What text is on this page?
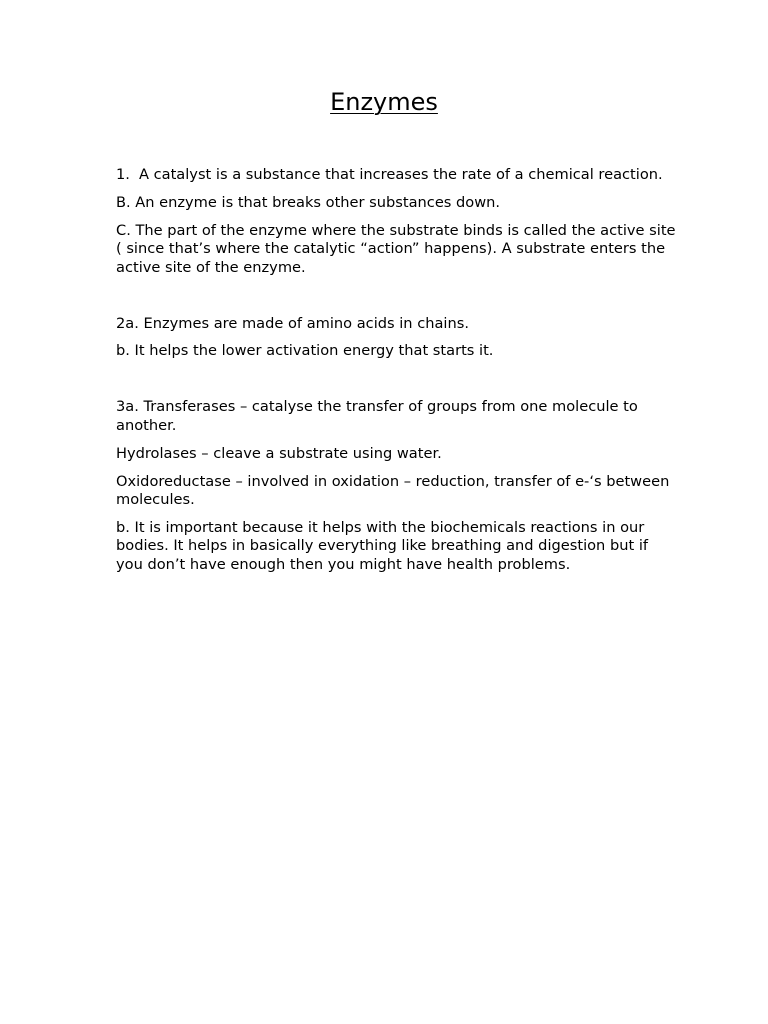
Enzymes
1. A catalyst is a substance that increases the rate of a chemical reaction.
B. An enzyme is that breaks other substances down.
C. The part of the enzyme where the substrate binds is called the active site ( since that’s where the catalytic “action” happens). A substrate enters the active site of the enzyme.
2a. Enzymes are made of amino acids in chains.
b. It helps the lower activation energy that starts it.
3a. Transferases – catalyse the transfer of groups from one molecule to another.
Hydrolases – cleave a substrate using water.
Oxidoreductase – involved in oxidation – reduction, transfer of e-‘s between molecules.
b. It is important because it helps with the biochemicals reactions in our bodies. It helps in basically everything like breathing and digestion but if you don’t have enough then you might have health problems.
